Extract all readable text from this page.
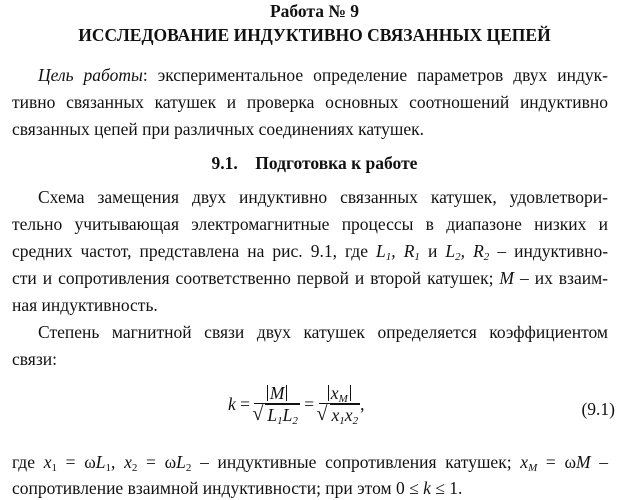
Работа № 9
ИССЛЕДОВАНИЕ ИНДУКТИВНО СВЯЗАННЫХ ЦЕПЕЙ
Цель работы: экспериментальное определение параметров двух индук-
тивно связанных катушек и проверка основных соотношений индуктивно
связанных цепей при различных соединениях катушек.
9.1. Подготовка к работе
Схема замещения двух индуктивно связанных катушек, удовлетвори-
тельно учитывающая электромагнитные процессы в диапазоне низких и
средних частот, представлена на рис. 9.1, где $L_1$, $R_1$ и $L_2$, $R_2$ – индуктивно-
сти и сопротивления соответственно первой и второй катушек; M – их взаим-
ная индуктивность.
Степень магнитной связи двух катушек определяется коэффициентом
связи:
k = M
√ $L_1L_2 = x_M$
√ $x_1x_2$ ,	(9.1)
где $x_1 = \omega L_1$, $x_2 = \omega L_2$ – индуктивные сопротивления катушек; $x_M = \omega M$ –
сопротивление взаимной индуктивности; при этом 0 ≤ k ≤ 1.
